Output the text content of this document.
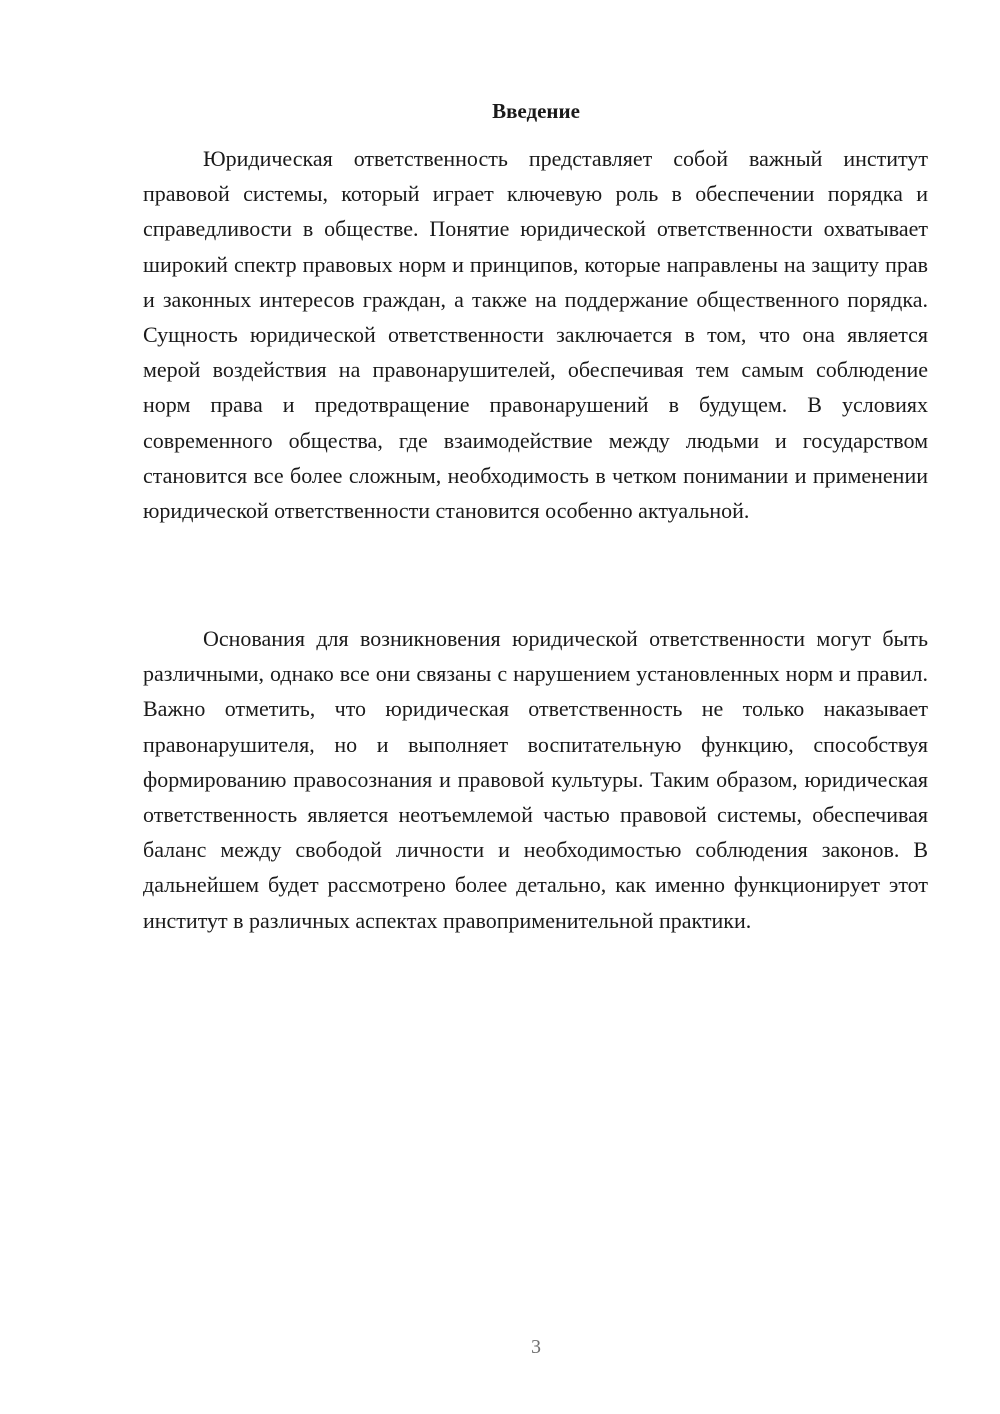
Введение

Юридическая ответственность представляет собой важный институт правовой системы, который играет ключевую роль в обеспечении порядка и справедливости в обществе. Понятие юридической ответственности охватывает широкий спектр правовых норм и принципов, которые направлены на защиту прав и законных интересов граждан, а также на поддержание общественного порядка. Сущность юридической ответственности заключается в том, что она является мерой воздействия на правонарушителей, обеспечивая тем самым соблюдение норм права и предотвращение правонарушений в будущем. В условиях современного общества, где взаимодействие между людьми и государством становится все более сложным, необходимость в четком понимании и применении юридической ответственности становится особенно актуальной.

Основания для возникновения юридической ответственности могут быть различными, однако все они связаны с нарушением установленных норм и правил. Важно отметить, что юридическая ответственность не только наказывает правонарушителя, но и выполняет воспитательную функцию, способствуя формированию правосознания и правовой культуры. Таким образом, юридическая ответственность является неотъемлемой частью правовой системы, обеспечивая баланс между свободой личности и необходимостью соблюдения законов. В дальнейшем будет рассмотрено более детально, как именно функционирует этот институт в различных аспектах правоприменительной практики.

3
